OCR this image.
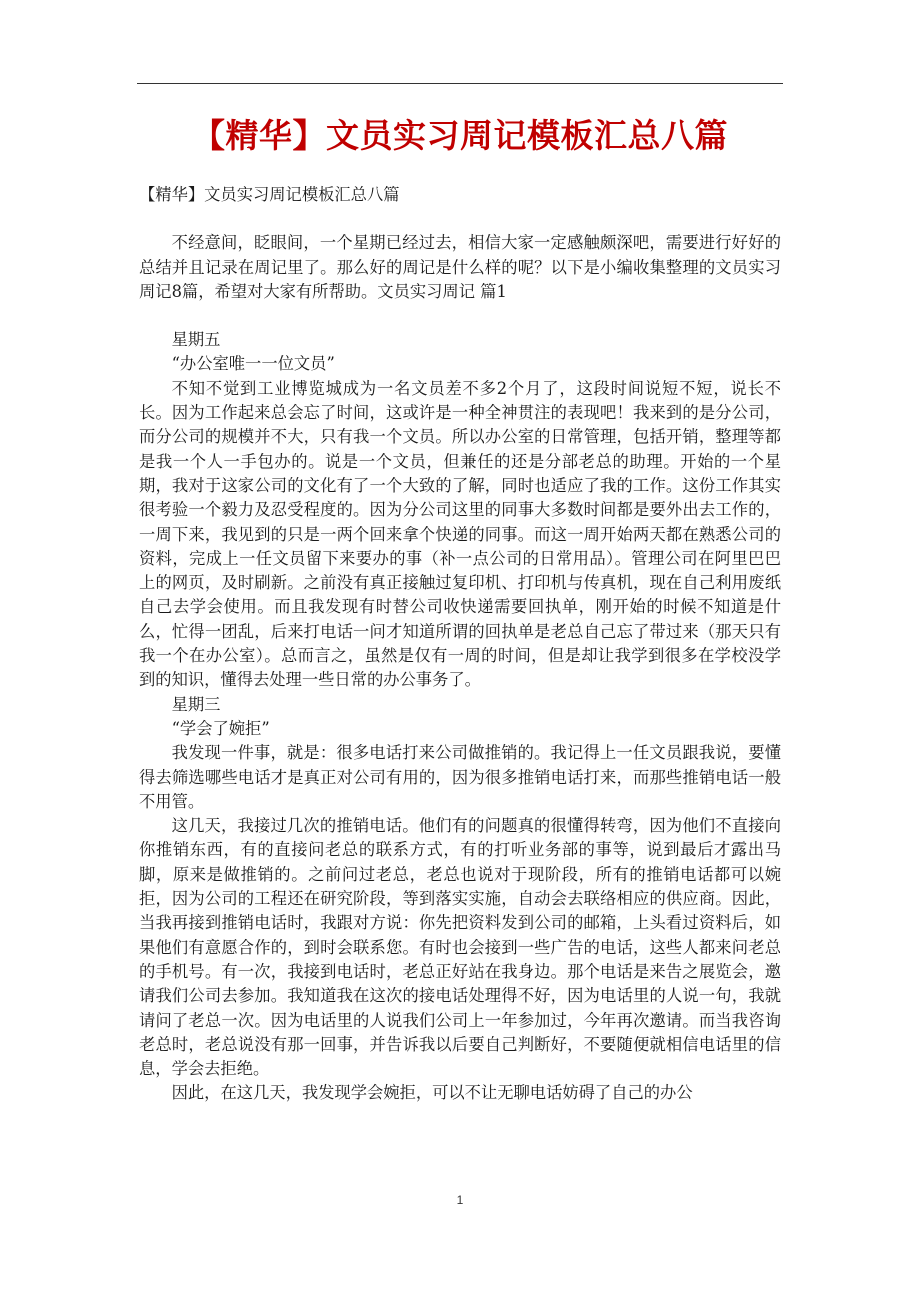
【精华】文员实习周记模板汇总八篇

【精华】文员实习周记模板汇总八篇

不经意间，眨眼间，一个星期已经过去，相信大家一定感触颇深吧，需要进行好好的总结并且记录在周记里了。那么好的周记是什么样的呢？以下是小编收集整理的文员实习周记8篇，希望对大家有所帮助。文员实习周记 篇1

星期五

“办公室唯一一位文员”

不知不觉到工业博览城成为一名文员差不多2个月了，这段时间说短不短，说长不长。因为工作起来总会忘了时间，这或许是一种全神贯注的表现吧！我来到的是分公司，而分公司的规模并不大，只有我一个文员。所以办公室的日常管理，包括开销，整理等都是我一个人一手包办的。说是一个文员，但兼任的还是分部老总的助理。开始的一个星期，我对于这家公司的文化有了一个大致的了解，同时也适应了我的工作。这份工作其实很考验一个毅力及忍受程度的。因为分公司这里的同事大多数时间都是要外出去工作的，一周下来，我见到的只是一两个回来拿个快递的同事。而这一周开始两天都在熟悉公司的资料，完成上一任文员留下来要办的事（补一点公司的日常用品）。管理公司在阿里巴巴上的网页，及时刷新。之前没有真正接触过复印机、打印机与传真机，现在自己利用废纸自己去学会使用。而且我发现有时替公司收快递需要回执单，刚开始的时候不知道是什么，忙得一团乱，后来打电话一问才知道所谓的回执单是老总自己忘了带过来（那天只有我一个在办公室）。总而言之，虽然是仅有一周的时间，但是却让我学到很多在学校没学到的知识，懂得去处理一些日常的办公事务了。

星期三

“学会了婉拒”

我发现一件事，就是：很多电话打来公司做推销的。我记得上一任文员跟我说，要懂得去筛选哪些电话才是真正对公司有用的，因为很多推销电话打来，而那些推销电话一般不用管。

这几天，我接过几次的推销电话。他们有的问题真的很懂得转弯，因为他们不直接向你推销东西，有的直接问老总的联系方式，有的打听业务部的事等，说到最后才露出马脚，原来是做推销的。之前问过老总，老总也说对于现阶段，所有的推销电话都可以婉拒，因为公司的工程还在研究阶段，等到落实实施，自动会去联络相应的供应商。因此，当我再接到推销电话时，我跟对方说：你先把资料发到公司的邮箱，上头看过资料后，如果他们有意愿合作的，到时会联系您。有时也会接到一些广告的电话，这些人都来问老总的手机号。有一次，我接到电话时，老总正好站在我身边。那个电话是来告之展览会，邀请我们公司去参加。我知道我在这次的接电话处理得不好，因为电话里的人说一句，我就请问了老总一次。因为电话里的人说我们公司上一年参加过，今年再次邀请。而当我咨询老总时，老总说没有那一回事，并告诉我以后要自己判断好，不要随便就相信电话里的信息，学会去拒绝。

因此，在这几天，我发现学会婉拒，可以不让无聊电话妨碍了自己的办公

1
